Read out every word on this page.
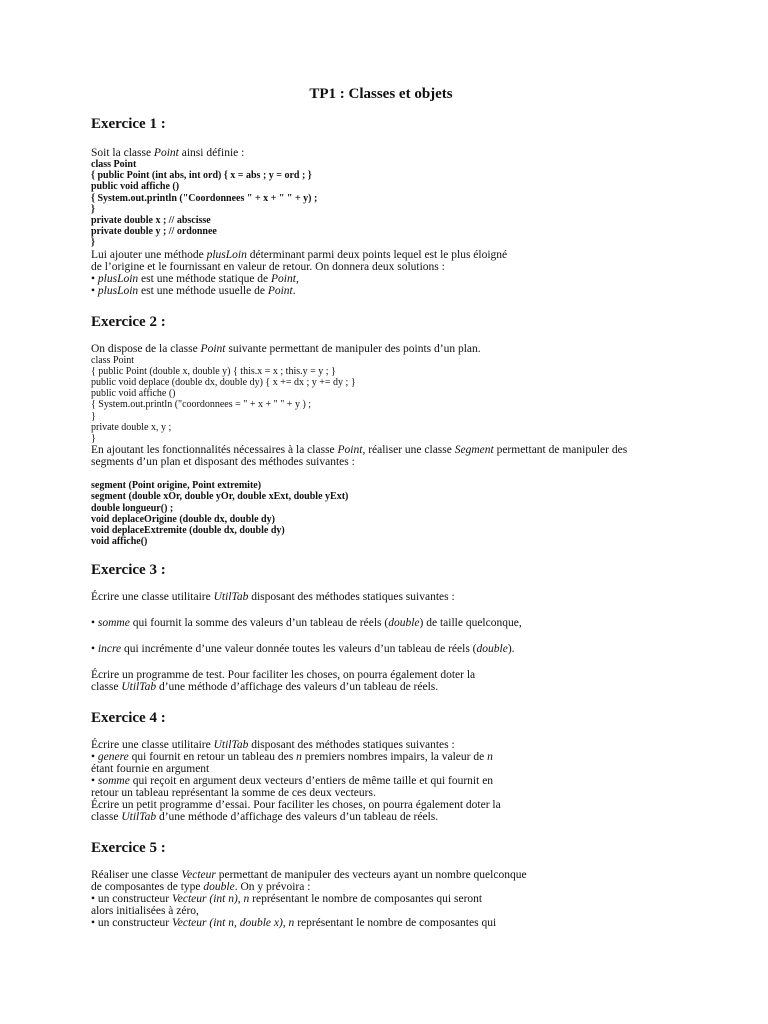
TP1 : Classes et objets
Exercice 1 :
Soit la classe Point ainsi définie :
class Point
{ public Point (int abs, int ord) { x = abs ; y = ord ; }
public void affiche ()
{ System.out.println ("Coordonnees " + x + " " + y) ;
}
private double x ; // abscisse
private double y ; // ordonnee
}
Lui ajouter une méthode plusLoin déterminant parmi deux points lequel est le plus éloigné
de l’origine et le fournissant en valeur de retour. On donnera deux solutions :
• plusLoin est une méthode statique de Point,
• plusLoin est une méthode usuelle de Point.
Exercice 2 :
On dispose de la classe Point suivante permettant de manipuler des points d’un plan.
class Point
{ public Point (double x, double y) { this.x = x ; this.y = y ; }
public void deplace (double dx, double dy) { x += dx ; y += dy ; }
public void affiche ()
{ System.out.println ("coordonnees = " + x + " " + y ) ;
}
private double x, y ;
}
En ajoutant les fonctionnalités nécessaires à la classe Point, réaliser une classe Segment permettant de manipuler des
segments d’un plan et disposant des méthodes suivantes :
segment (Point origine, Point extremite)
segment (double xOr, double yOr, double xExt, double yExt)
double longueur() ;
void deplaceOrigine (double dx, double dy)
void deplaceExtremite (double dx, double dy)
void affiche()
Exercice 3 :
Écrire une classe utilitaire UtilTab disposant des méthodes statiques suivantes :
• somme qui fournit la somme des valeurs d’un tableau de réels (double) de taille quelconque,
• incre qui incrémente d’une valeur donnée toutes les valeurs d’un tableau de réels (double).
Écrire un programme de test. Pour faciliter les choses, on pourra également doter la
classe UtilTab d’une méthode d’affichage des valeurs d’un tableau de réels.
Exercice 4 :
Écrire une classe utilitaire UtilTab disposant des méthodes statiques suivantes :
• genere qui fournit en retour un tableau des n premiers nombres impairs, la valeur de n
étant fournie en argument
• somme qui reçoit en argument deux vecteurs d’entiers de même taille et qui fournit en
retour un tableau représentant la somme de ces deux vecteurs.
Écrire un petit programme d’essai. Pour faciliter les choses, on pourra également doter la
classe UtilTab d’une méthode d’affichage des valeurs d’un tableau de réels.
Exercice 5 :
Réaliser une classe Vecteur permettant de manipuler des vecteurs ayant un nombre quelconque
de composantes de type double. On y prévoira :
• un constructeur Vecteur (int n), n représentant le nombre de composantes qui seront
alors initialisées à zéro,
• un constructeur Vecteur (int n, double x), n représentant le nombre de composantes qui
